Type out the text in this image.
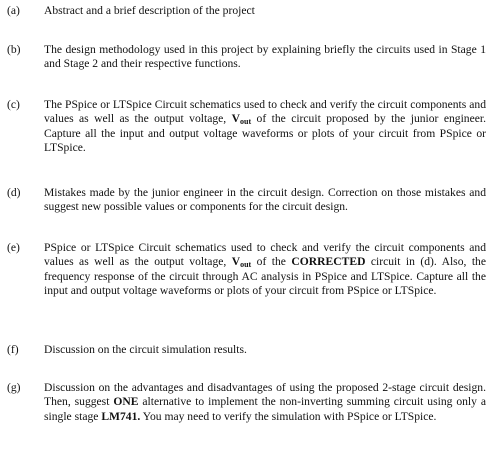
(a) Abstract and a brief description of the project
(b) The design methodology used in this project by explaining briefly the circuits used in Stage 1 and Stage 2 and their respective functions.
(c) The PSpice or LTSpice Circuit schematics used to check and verify the circuit components and values as well as the output voltage, $V_{out}$ of the circuit proposed by the junior engineer. Capture all the input and output voltage waveforms or plots of your circuit from PSpice or LTSpice.
(d) Mistakes made by the junior engineer in the circuit design. Correction on those mistakes and suggest new possible values or components for the circuit design.
(e) PSpice or LTSpice Circuit schematics used to check and verify the circuit components and values as well as the output voltage, $V_{out}$ of the CORRECTED circuit in (d). Also, the frequency response of the circuit through AC analysis in PSpice and LTSpice. Capture all the input and output voltage waveforms or plots of your circuit from PSpice or LTSpice.
(f) Discussion on the circuit simulation results.
(g) Discussion on the advantages and disadvantages of using the proposed 2-stage circuit design. Then, suggest ONE alternative to implement the non-inverting summing circuit using only a single stage LM741. You may need to verify the simulation with PSpice or LTSpice.
